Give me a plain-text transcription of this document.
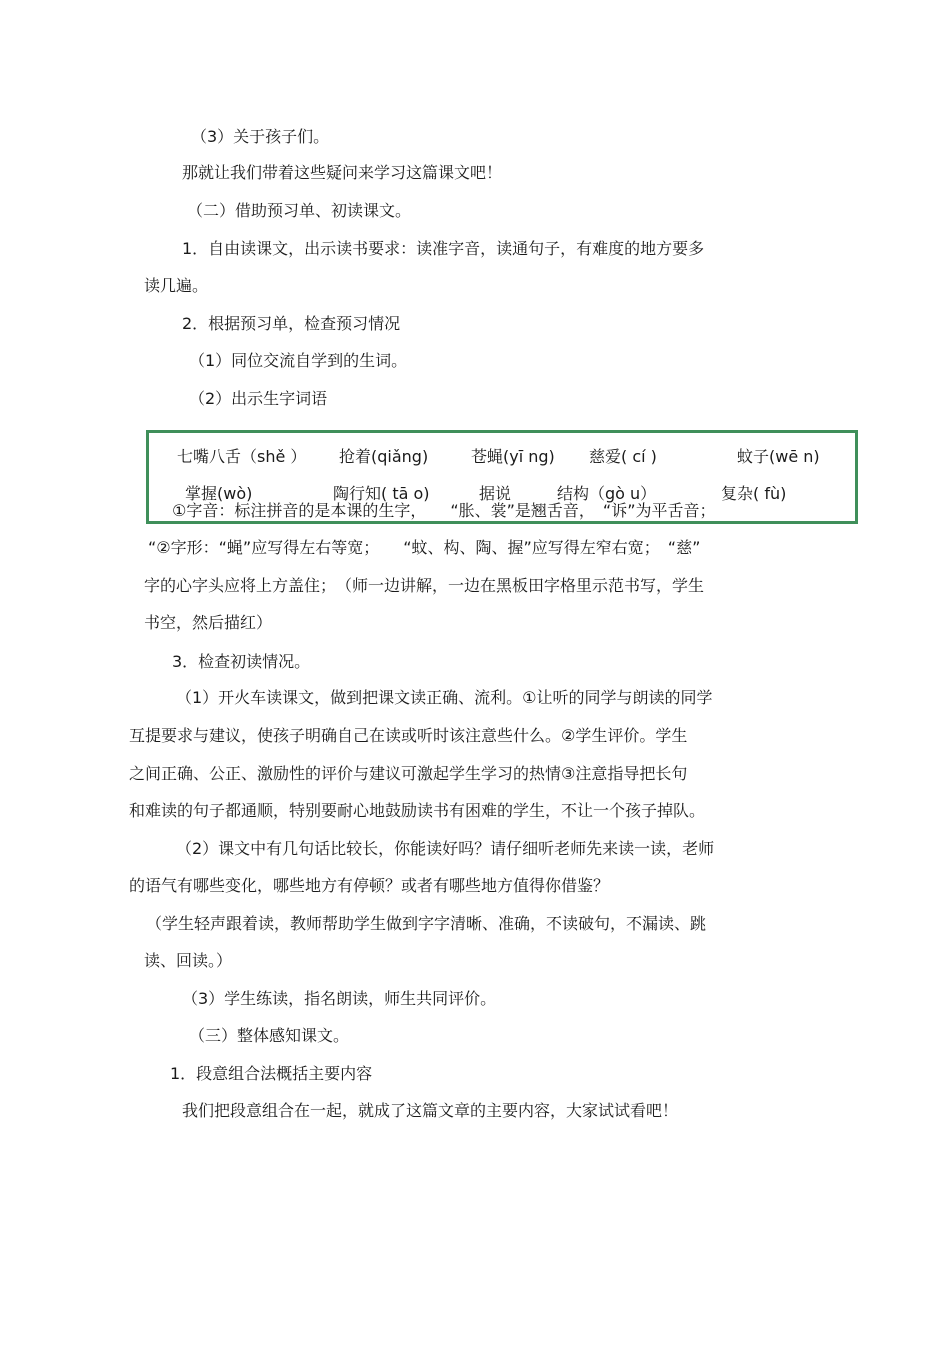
（3）关于孩子们。
那就让我们带着这些疑问来学习这篇课文吧！
（二）借助预习单、初读课文。
1．自由读课文，出示读书要求：读准字音，读通句子，有难度的地方要多
读几遍。
2．根据预习单，检查预习情况
（1）同位交流自学到的生词。
（2）出示生字词语
七嘴八舌（shě ） 抢着(qiǎng)	苍蝇(yī ng) 慈爱( cí )	蚊子(wē n)
掌握(wò)	陶行知( tā o)	据说	结构（gò u）	复杂( fù)
①字音：标注拼音的是本课的生字，　　“胀、裳”是翘舌音，　“诉”为平舌音；
“②字形：“蝇”应写得左右等宽；　　“蚊、构、陶、握”应写得左窄右宽；　“慈”
字的心字头应将上方盖住；　（师一边讲解，一边在黑板田字格里示范书写，学生
书空，然后描红）
3．检查初读情况。
（1）开火车读课文，做到把课文读正确、流利。①让听的同学与朗读的同学
互提要求与建议，使孩子明确自己在读或听时该注意些什么。②学生评价。学生
之间正确、公正、激励性的评价与建议可激起学生学习的热情③注意指导把长句
和难读的句子都通顺，特别要耐心地鼓励读书有困难的学生，不让一个孩子掉队。
（2）课文中有几句话比较长，你能读好吗？请仔细听老师先来读一读，老师
的语气有哪些变化，哪些地方有停顿？或者有哪些地方值得你借鉴？
（学生轻声跟着读，教师帮助学生做到字字清晰、准确，不读破句，不漏读、跳
读、回读。）
（3）学生练读，指名朗读，师生共同评价。
（三）整体感知课文。
1．段意组合法概括主要内容
我们把段意组合在一起，就成了这篇文章的主要内容，大家试试看吧！
